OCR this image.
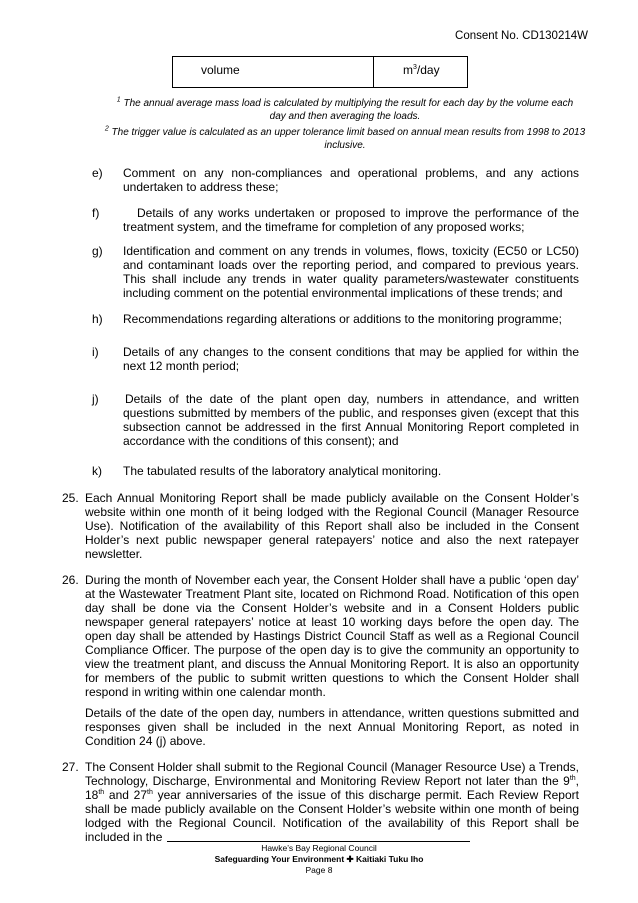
Consent No. CD130214W
volume	$m^3$/day
$^1$ The annual average mass load is calculated by multiplying the result for each day by the volume each day and then averaging the loads.
$^2$ The trigger value is calculated as an upper tolerance limit based on annual mean results from 1998 to 2013 inclusive.
e) Comment on any non-compliances and operational problems, and any actions undertaken to address these;
f)	Details of any works undertaken or proposed to improve the performance of the treatment system, and the timeframe for completion of any proposed works;
g) Identification and comment on any trends in volumes, flows, toxicity (EC50 or LC50) and contaminant loads over the reporting period, and compared to previous years. This shall include any trends in water quality parameters/wastewater constituents including comment on the potential environmental implications of these trends; and
h) Recommendations regarding alterations or additions to the monitoring programme;
i) Details of any changes to the consent conditions that may be applied for within the next 12 month period;
j) Details of the date of the plant open day, numbers in attendance, and written questions submitted by members of the public, and responses given (except that this subsection cannot be addressed in the first Annual Monitoring Report completed in accordance with the conditions of this consent); and
k) The tabulated results of the laboratory analytical monitoring.
25. Each Annual Monitoring Report shall be made publicly available on the Consent Holder’s website within one month of it being lodged with the Regional Council (Manager Resource Use). Notification of the availability of this Report shall also be included in the Consent Holder’s next public newspaper general ratepayers’ notice and also the next ratepayer newsletter.
26. During the month of November each year, the Consent Holder shall have a public ‘open day’ at the Wastewater Treatment Plant site, located on Richmond Road. Notification of this open day shall be done via the Consent Holder’s website and in a Consent Holders public newspaper general ratepayers’ notice at least 10 working days before the open day. The open day shall be attended by Hastings District Council Staff as well as a Regional Council Compliance Officer. The purpose of the open day is to give the community an opportunity to view the treatment plant, and discuss the Annual Monitoring Report. It is also an opportunity for members of the public to submit written questions to which the Consent Holder shall respond in writing within one calendar month.
Details of the date of the open day, numbers in attendance, written questions submitted and responses given shall be included in the next Annual Monitoring Report, as noted in Condition 24 (j) above.
27. The Consent Holder shall submit to the Regional Council (Manager Resource Use) a Trends, Technology, Discharge, Environmental and Monitoring Review Report not later than the 9th, 18th and 27th year anniversaries of the issue of this discharge permit. Each Review Report shall be made publicly available on the Consent Holder’s website within one month of being lodged with the Regional Council. Notification of the availability of this Report shall be included in the
Hawke’s Bay Regional Council
Safeguarding Your Environment ✚ Kaitiaki Tuku Iho
Page 8
